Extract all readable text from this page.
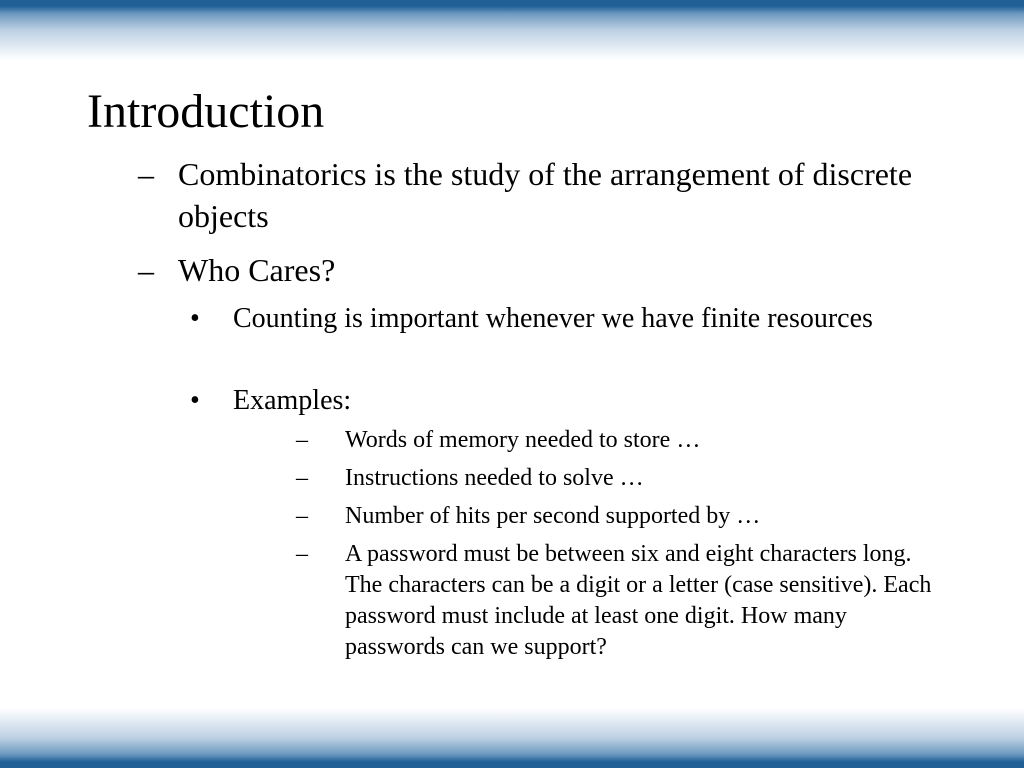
Introduction
– Combinatorics is the study of the arrangement of discrete objects
– Who Cares?
• Counting is important whenever we have finite resources
• Examples:
– Words of memory needed to store …
– Instructions needed to solve …
– Number of hits per second supported by …
– A password must be between six and eight characters long. The characters can be a digit or a letter (case sensitive). Each password must include at least one digit. How many passwords can we support?
